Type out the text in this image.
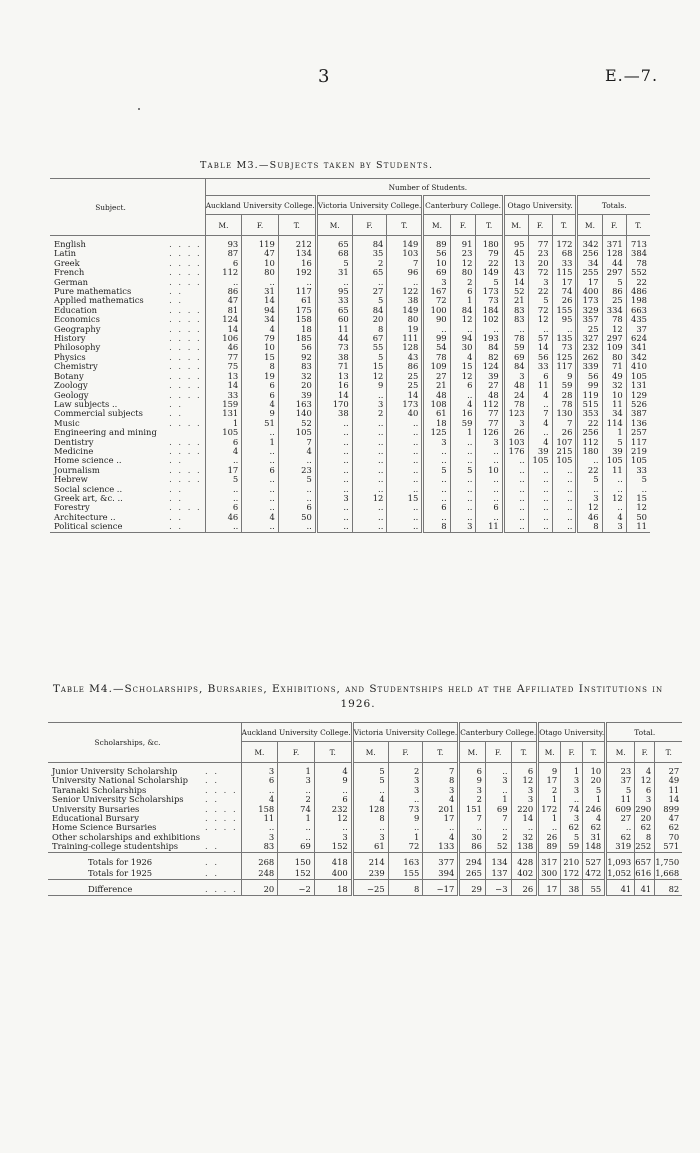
3	E.—7.
Table M3.—Subjects taken by Students.
Subject.		Number of Students.														
		Auckland University College.			Victoria University College.			Canterbury College.			Otago University.			Totals.		
		M.	F.	T.	M.	F.	T.	M.	F.	T.	M.	F.	T.	M.	F.	T.

English	. . . .	93	119	212	65	84	149	89	91	180	95	77	172	342	371	713
Latin	. . . .	87	47	134	68	35	103	56	23	79	45	23	68	256	128	384
Greek	. . . .	6	10	16	5	2	7	10	12	22	13	20	33	34	44	78
French	. . . .	112	80	192	31	65	96	69	80	149	43	72	115	255	297	552
German	. . . .	..	..	..	..	..	..	3	2	5	14	3	17	17	5	22
Pure mathematics	. .	86	31	117	95	27	122	167	6	173	52	22	74	400	86	486
Applied mathematics	. .	47	14	61	33	5	38	72	1	73	21	5	26	173	25	198
Education	. . . .	81	94	175	65	84	149	100	84	184	83	72	155	329	334	663
Economics	. . . .	124	34	158	60	20	80	90	12	102	83	12	95	357	78	435
Geography	. . . .	14	4	18	11	8	19	..	..	..	..	..	..	25	12	37
History	. . . .	106	79	185	44	67	111	99	94	193	78	57	135	327	297	624
Philosophy	. . . .	46	10	56	73	55	128	54	30	84	59	14	73	232	109	341
Physics	. . . .	77	15	92	38	5	43	78	4	82	69	56	125	262	80	342
Chemistry	. . . .	75	8	83	71	15	86	109	15	124	84	33	117	339	71	410
Botany	. . . .	13	19	32	13	12	25	27	12	39	3	6	9	56	49	105
Zoology	. . . .	14	6	20	16	9	25	21	6	27	48	11	59	99	32	131
Geology	. . . .	33	6	39	14	..	14	48	..	48	24	4	28	119	10	129
Law subjects ..	. .	159	4	163	170	3	173	108	4	112	78	..	78	515	11	526
Commercial subjects	. .	131	9	140	38	2	40	61	16	77	123	7	130	353	34	387
Music	. . . .	1	51	52	..	..	..	18	59	77	3	4	7	22	114	136
Engineering and mining		105	..	105	..	..	..	125	1	126	26	..	26	256	1	257
Dentistry	. . . .	6	1	7	..	..	..	3	..	3	103	4	107	112	5	117
Medicine	. . . .	4	..	4	..	..	..	..	..	..	176	39	215	180	39	219
Home science ..	. .	..	..	..	..	..	..	..	..	..	..	105	105	..	105	105
Journalism	. . . .	17	6	23	..	..	..	5	5	10	..	..	..	22	11	33
Hebrew	. . . .	5	..	5	..	..	..	..	..	..	..	..	..	5	..	5
Social science ..	. .	..	..	..	..	..	..	..	..	..	..	..	..	..	..	..
Greek art, &c. ..	. .	..	..	..	3	12	15	..	..	..	..	..	..	3	12	15
Forestry	. . . .	6	..	6	..	..	..	6	..	6	..	..	..	12	..	12
Architecture ..	. .	46	4	50	..	..	..	..	..	..	..	..	..	46	4	50
Political science	. .	..	..	..	..	..	..	8	3	11	..	..	..	8	3	11
Table M4.—Scholarships, Bursaries, Exhibitions, and Studentships held at the Affiliated Institutions in 1926.
Scholarships, &c.		Auckland University College.			Victoria University College.			Canterbury College.			Otago University.			Total.		
		M.	F.	T.	M.	F.	T.	M.	F.	T.	M.	F.	T.	M.	F.	T.

Junior University Scholarship	. .	3	1	4	5	2	7	6	..	6	9	1	10	23	4	27
University National Scholarship	. .	6	3	9	5	3	8	9	3	12	17	3	20	37	12	49
Taranaki Scholarships	. . . .	..	..	..	..	3	3	3	..	3	2	3	5	5	6	11
Senior University Scholarships	. .	4	2	6	4	..	4	2	1	3	1	..	1	11	3	14
University Bursaries	. . . .	158	74	232	128	73	201	151	69	220	172	74	246	609	290	899
Educational Bursary	. . . .	11	1	12	8	9	17	7	7	14	1	3	4	27	20	47
Home Science Bursaries	. . . .	..	..	..	..	..	..	..	..	..	..	62	62	..	62	62
Other scholarships and exhibitions		3	..	3	3	1	4	30	2	32	26	5	31	62	8	70
Training-college studentships	. .	83	69	152	61	72	133	86	52	138	89	59	148	319	252	571

Totals for 1926	. .	268	150	418	214	163	377	294	134	428	317	210	527	1,093	657	1,750
Totals for 1925	. .	248	152	400	239	155	394	265	137	402	300	172	472	1,052	616	1,668

Difference	. . . .	20	−2	18	−25	8	−17	29	−3	26	17	38	55	41	41	82
